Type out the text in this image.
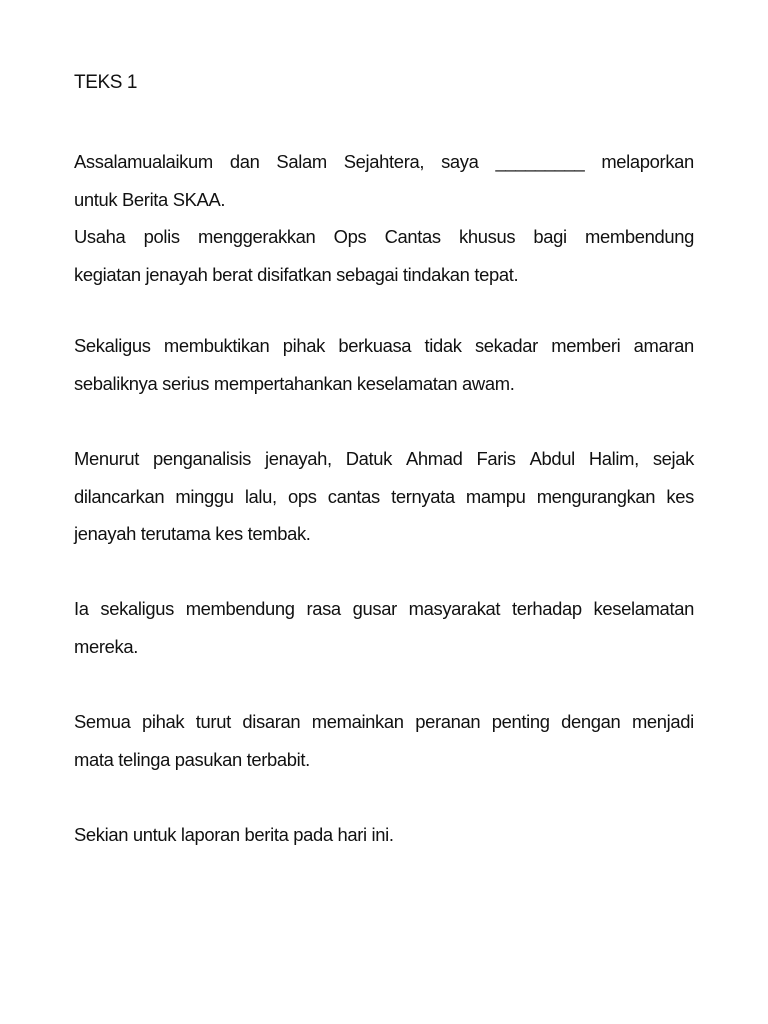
TEKS 1
Assalamualaikum dan Salam Sejahtera, saya _________ melaporkan
untuk Berita SKAA.
Usaha polis menggerakkan Ops Cantas khusus bagi membendung
kegiatan jenayah berat disifatkan sebagai tindakan tepat.
Sekaligus membuktikan pihak berkuasa tidak sekadar memberi amaran
sebaliknya serius mempertahankan keselamatan awam.
Menurut penganalisis jenayah, Datuk Ahmad Faris Abdul Halim, sejak
dilancarkan minggu lalu, ops cantas ternyata mampu mengurangkan kes
jenayah terutama kes tembak.
Ia sekaligus membendung rasa gusar masyarakat terhadap keselamatan
mereka.
Semua pihak turut disaran memainkan peranan penting dengan menjadi
mata telinga pasukan terbabit.
Sekian untuk laporan berita pada hari ini.
